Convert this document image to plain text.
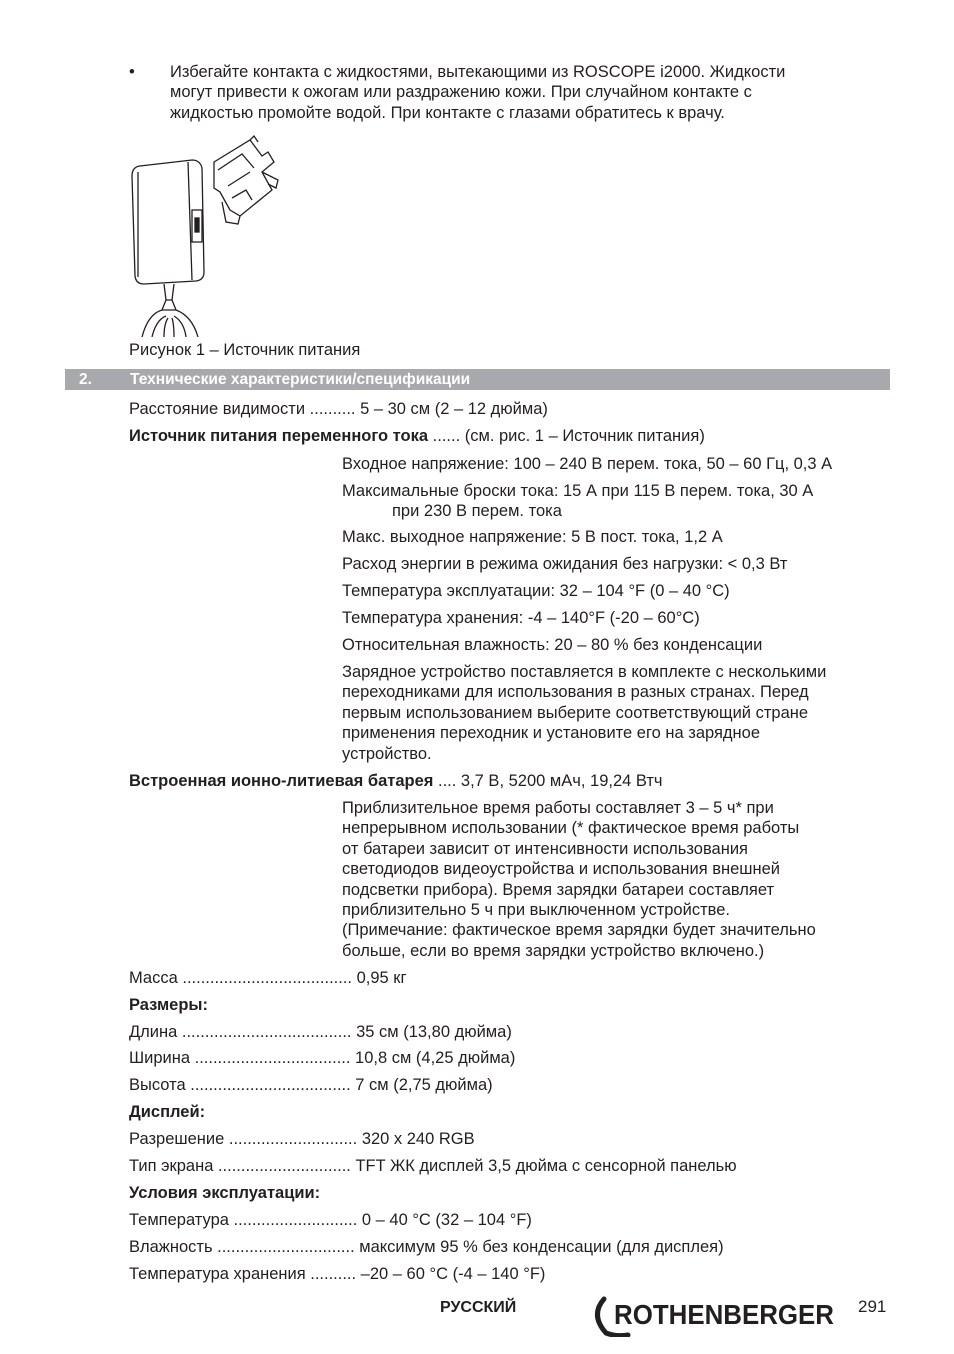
• Избегайте контакта с жидкостями, вытекающими из ROSCOPE i2000. Жидкости
могут привести к ожогам или раздражению кожи. При случайном контакте с
жидкостью промойте водой. При контакте с глазами обратитесь к врачу.
Рисунок 1 – Источник питания
2. Технические характеристики/спецификации
Расстояние видимости .......... 5 – 30 см (2 – 12 дюйма)
Источник питания переменного тока ...... (см. рис. 1 – Источник питания)
Входное напряжение: 100 – 240 В перем. тока, 50 – 60 Гц, 0,3 А
Максимальные броски тока: 15 А при 115 В перем. тока, 30 А
при 230 В перем. тока
Макс. выходное напряжение: 5 В пост. тока, 1,2 А
Расход энергии в режима ожидания без нагрузки: < 0,3 Вт
Температура эксплуатации: 32 – 104 °F (0 – 40 °C)
Температура хранения: -4 – 140°F (-20 – 60°C)
Относительная влажность: 20 – 80 % без конденсации
Зарядное устройство поставляется в комплекте с несколькими
переходниками для использования в разных странах. Перед
первым использованием выберите соответствующий стране
применения переходник и установите его на зарядное
устройство.
Встроенная ионно-литиевая батарея .... 3,7 В, 5200 мАч, 19,24 Втч
Приблизительное время работы составляет 3 – 5 ч* при
непрерывном использовании (* фактическое время работы
от батареи зависит от интенсивности использования
светодиодов видеоустройства и использования внешней
подсветки прибора). Время зарядки батареи составляет
приблизительно 5 ч при выключенном устройстве.
(Примечание: фактическое время зарядки будет значительно
больше, если во время зарядки устройство включено.)
Масса ..................................... 0,95 кг
Размеры:
Длина ..................................... 35 см (13,80 дюйма)
Ширина .................................. 10,8 см (4,25 дюйма)
Высота ................................... 7 см (2,75 дюйма)
Дисплей:
Разрешение ............................ 320 x 240 RGB
Тип экрана ............................. TFT ЖК дисплей 3,5 дюйма с сенсорной панелью
Условия эксплуатации:
Температура ........................... 0 – 40 °C (32 – 104 °F)
Влажность .............................. максимум 95 % без конденсации (для дисплея)
Температура хранения .......... –20 – 60 °C (-4 – 140 °F)
РУССКИЙ	ROTHENBERGER 291
